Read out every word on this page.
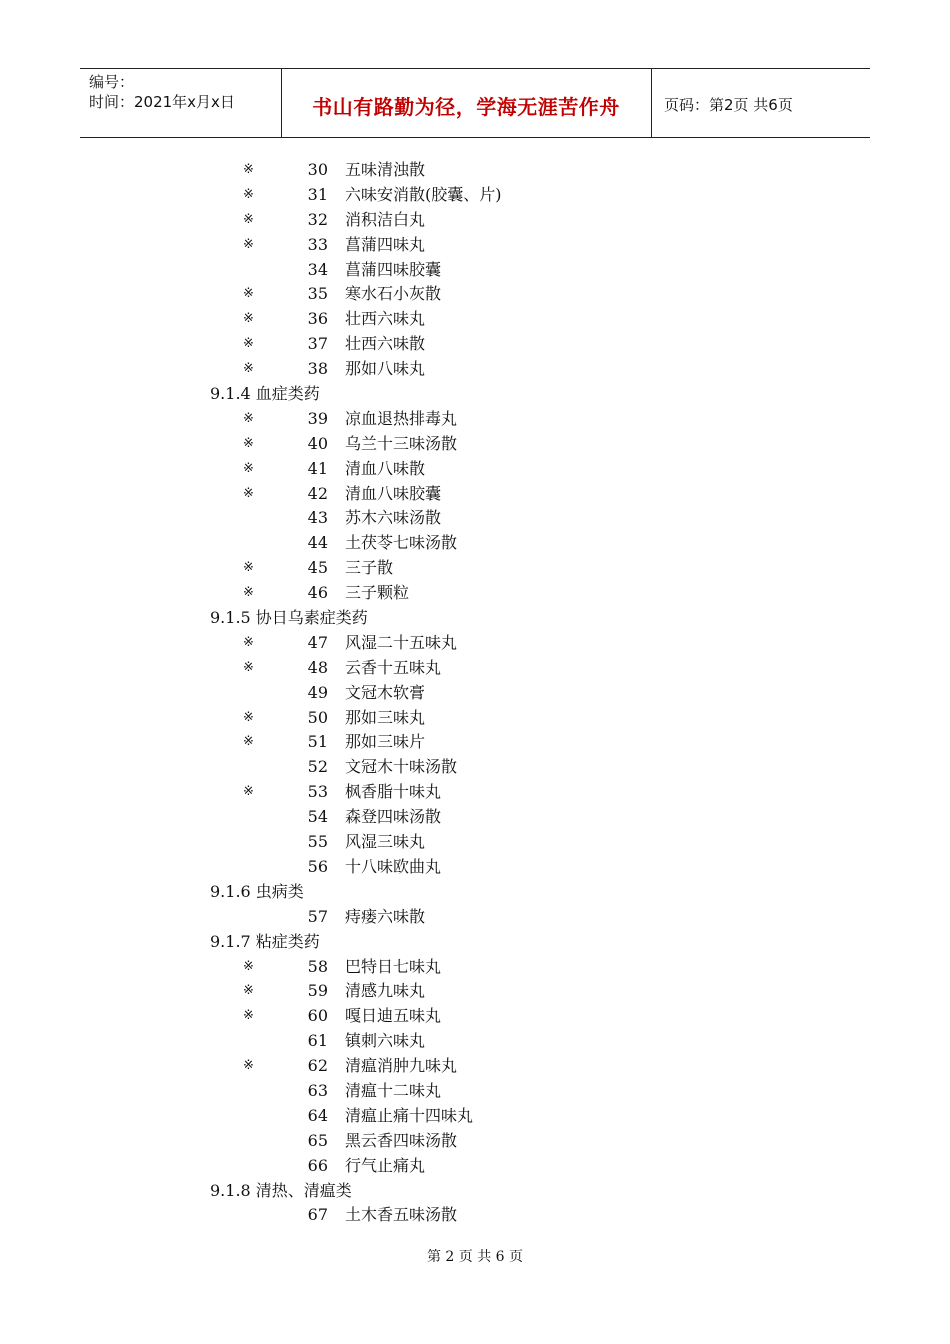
编号：
时间：2021年x月x日	书山有路勤为径，学海无涯苦作舟	页码：第2页 共6页
※	30 五味清浊散
※	31 六味安消散(胶囊、片)
※	32 消积洁白丸
※	33 菖蒲四味丸
34 菖蒲四味胶囊
※	35 寒水石小灰散
※	36 壮西六味丸
※	37 壮西六味散
※	38 那如八味丸
9.1.4 血症类药
※	39 凉血退热排毒丸
※	40 乌兰十三味汤散
※	41 清血八味散
※	42 清血八味胶囊
43 苏木六味汤散
44 土茯苓七味汤散
※	45 三子散
※	46 三子颗粒
9.1.5 协日乌素症类药
※	47 风湿二十五味丸
※	48 云香十五味丸
49 文冠木软膏
※	50 那如三味丸
※	51 那如三味片
52 文冠木十味汤散
※	53 枫香脂十味丸
54 森登四味汤散
55 风湿三味丸
56 十八味欧曲丸
9.1.6 虫病类
57 痔瘘六味散
9.1.7 粘症类药
※	58 巴特日七味丸
※	59 清感九味丸
※	60 嘎日迪五味丸
61 镇刺六味丸
※	62 清瘟消肿九味丸
63 清瘟十二味丸
64 清瘟止痛十四味丸
65 黑云香四味汤散
66 行气止痛丸
9.1.8 清热、清瘟类
67 土木香五味汤散
第 2 页 共 6 页
